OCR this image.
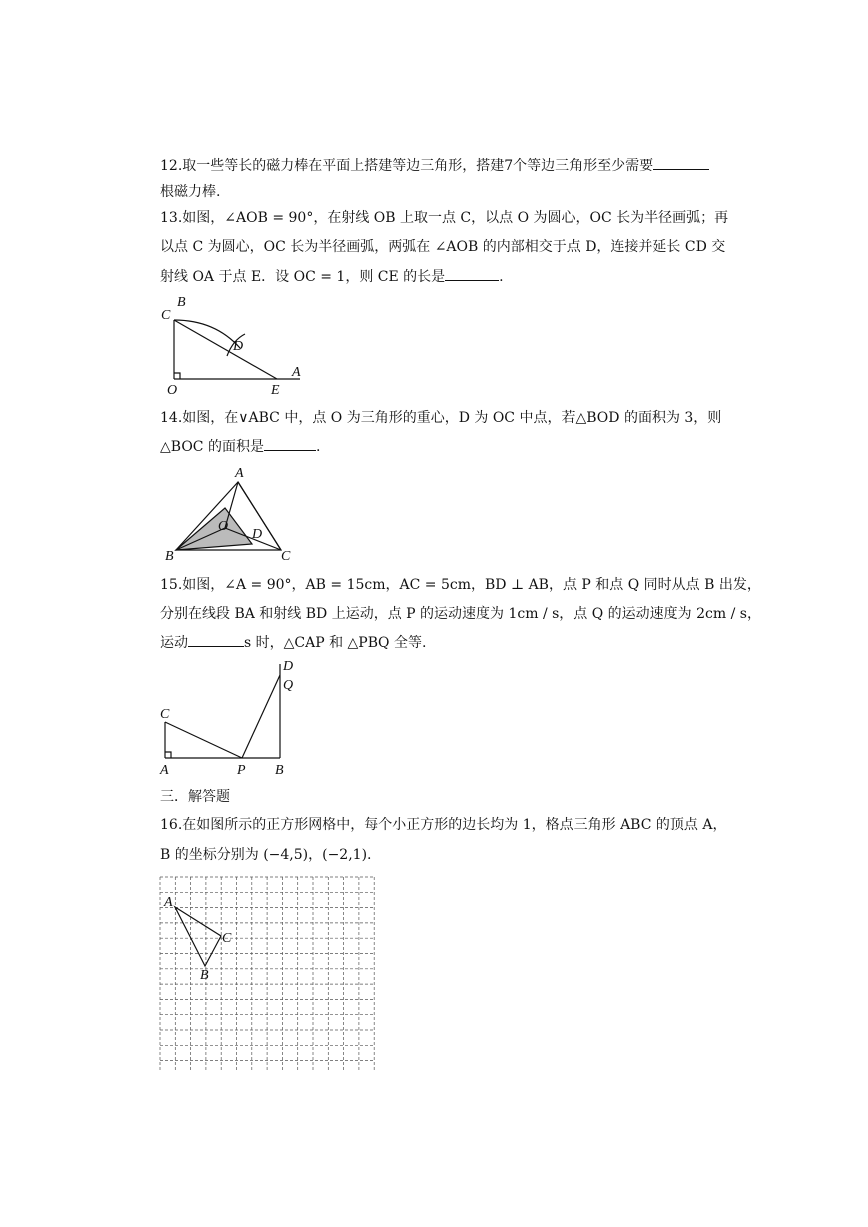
12.取一些等长的磁力棒在平面上搭建等边三角形，搭建7个等边三角形至少需要
根磁力棒.
13.如图，∠AOB = 90°，在射线 OB 上取一点 C，以点 O 为圆心，OC 长为半径画弧；再
以点 C 为圆心，OC 长为半径画弧，两弧在 ∠AOB 的内部相交于点 D，连接并延长 CD 交
射线 OA 于点 E．设 OC = 1，则 CE 的长是	.
C
B
D
O	E
A
14.如图，在∨ABC 中，点 O 为三角形的重心，D 为 OC 中点，若△BOD 的面积为 3，则
△BOC 的面积是	.
A
B	C
O
D
15.如图，∠A = 90°，AB = 15cm，AC = 5cm，BD ⊥ AB，点 P 和点 Q 同时从点 B 出发，
分别在线段 BA 和射线 BD 上运动，点 P 的运动速度为 1cm / s，点 Q 的运动速度为 2cm / s，
运动	s 时，△CAP 和 △PBQ 全等.
C
A	P B
D
Q
三．解答题
16.在如图所示的正方形网格中，每个小正方形的边长均为 1，格点三角形 ABC 的顶点 A，
B 的坐标分别为 (−4,5)，(−2,1).
A
C
B
